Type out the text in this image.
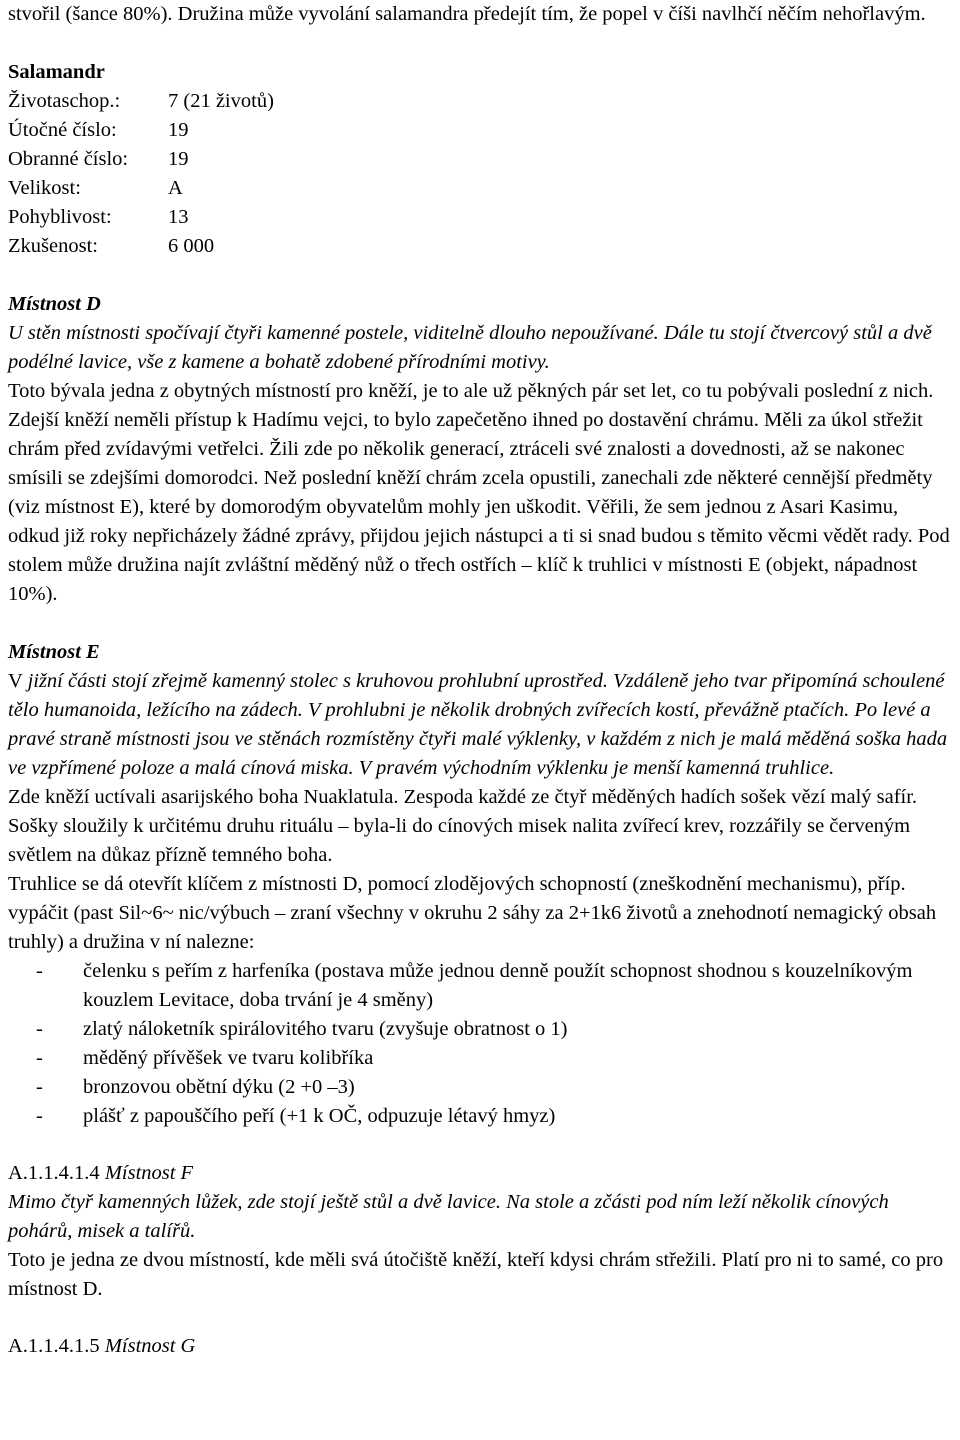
stvořil (šance 80%). Družina může vyvolání salamandra předejít tím, že popel v číši navlhčí něčím nehořlavým.

Salamandr

Životaschop.:	7 (21 životů)
Útočné číslo:	19
Obranné číslo:	19
Velikost:	A
Pohyblivost:	13
Zkušenost:	6 000

Místnost D

U stěn místnosti spočívají čtyři kamenné postele, viditelně dlouho nepoužívané. Dále tu stojí čtvercový stůl a dvě podélné lavice, vše z kamene a bohatě zdobené přírodními motivy.

Toto bývala jedna z obytných místností pro kněží, je to ale už pěkných pár set let, co tu pobývali poslední z nich. Zdejší kněží neměli přístup k Hadímu vejci, to bylo zapečetěno ihned po dostavění chrámu. Měli za úkol střežit chrám před zvídavými vetřelci. Žili zde po několik generací, ztráceli své znalosti a dovednosti, až se nakonec smísili se zdejšími domorodci. Než poslední kněží chrám zcela opustili, zanechali zde některé cennější předměty (viz místnost E), které by domorodým obyvatelům mohly jen uškodit. Věřili, že sem jednou z Asari Kasimu, odkud již roky nepřicházely žádné zprávy, přijdou jejich nástupci a ti si snad budou s těmito věcmi vědět rady. Pod stolem může družina najít zvláštní měděný nůž o třech ostřích – klíč k truhlici v místnosti E (objekt, nápadnost 10%).

Místnost E

V jižní části stojí zřejmě kamenný stolec s kruhovou prohlubní uprostřed. Vzdáleně jeho tvar připomíná schoulené tělo humanoida, ležícího na zádech. V prohlubni je několik drobných zvířecích kostí, převážně ptačích. Po levé a pravé straně místnosti jsou ve stěnách rozmístěny čtyři malé výklenky, v každém z nich je malá měděná soška hada ve vzpřímené poloze a malá cínová miska. V pravém východním výklenku je menší kamenná truhlice.

Zde kněží uctívali asarijského boha Nuaklatula. Zespoda každé ze čtyř měděných hadích sošek vězí malý safír. Sošky sloužily k určitému druhu rituálu – byla-li do cínových misek nalita zvířecí krev, rozzářily se červeným světlem na důkaz přízně temného boha.

Truhlice se dá otevřít klíčem z místnosti D, pomocí zlodějových schopností (zneškodnění mechanismu), příp. vypáčit (past Sil~6~ nic/výbuch – zraní všechny v okruhu 2 sáhy za 2+1k6 životů a znehodnotí nemagický obsah truhly) a družina v ní nalezne:

- čelenku s peřím z harfeníka (postava může jednou denně použít schopnost shodnou s kouzelníkovým kouzlem Levitace, doba trvání je 4 směny)
- zlatý náloketník spirálovitého tvaru (zvyšuje obratnost o 1)
- měděný přívěšek ve tvaru kolibříka
- bronzovou obětní dýku (2 +0 –3)
- plášť z papouščího peří (+1 k OČ, odpuzuje létavý hmyz)

A.1.1.4.1.4 Místnost F

Mimo čtyř kamenných lůžek, zde stojí ještě stůl a dvě lavice. Na stole a zčásti pod ním leží několik cínových pohárů, misek a talířů.

Toto je jedna ze dvou místností, kde měli svá útočiště kněží, kteří kdysi chrám střežili. Platí pro ni to samé, co pro místnost D.

A.1.1.4.1.5 Místnost G
